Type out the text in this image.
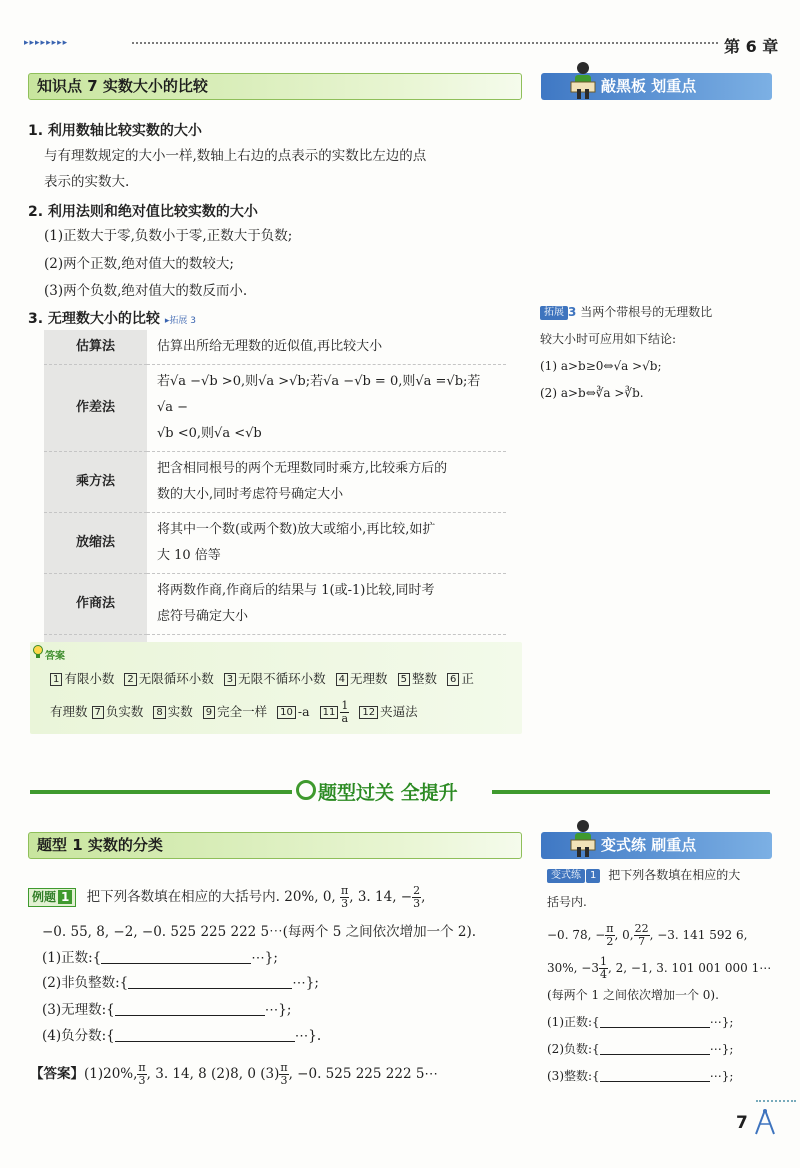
▸▸▸▸▸▸▸▸	第 6 章
知识点 7 实数大小的比较	敲黑板 划重点
1. 利用数轴比较实数的大小
与有理数规定的大小一样,数轴上右边的点表示的实数比左边的点
表示的实数大.
2. 利用法则和绝对值比较实数的大小
(1)正数大于零,负数小于零,正数大于负数;
(2)两个正数,绝对值大的数较大;
(3)两个负数,绝对值大的数反而小.
3. 无理数大小的比较 ▸拓展 3
估算法	估算出所给无理数的近似值,再比较大小

作差法	若√a −√b >0,则√a >√b;若√a −√b = 0,则√a =√b;若√a −
√b <0,则√a <√b

乘方法	把含相同根号的两个无理数同时乘方,比较乘方后的
数的大小,同时考虑符号确定大小

放缩法	将其中一个数(或两个数)放大或缩小,再比较,如扩
大 10 倍等

作商法	将两数作商,作商后的结果与 1(或-1)比较,同时考
虑符号确定大小

答案
1 有限小数 2 无限循环小数 3 无限不循环小数 4 无理数 5 整数 6 正
有理数 7 负实数 8 实数 9 完全一样 10 -a $11 \frac{1}{a} 12$ 夹逼法
拓展 3 当两个带根号的无理数比
较大小时可应用如下结论:
(1) a>b≥0⇔√a >√b;
(2) a>b⇔∛a >∛b.
题型过关 全提升
题型 1 实数的分类	变式练 刷重点
例题 1 把下列各数填在相应的大括号内. 20%, 0, $\frac{\pi}{3}$ , 3. 14, − $\frac{2}{3}$ ,
−0. 55, 8, −2, −0. 525 225 222 5⋯(每两个 5 之间依次增加一个 2).
(1)正数:{	⋯};
(2)非负整数:{	⋯};
(3)无理数:{	⋯};
(4)负分数:{	⋯}.
【答案】(1)20%, $\frac{\pi}{3}$ , 3. 14, 8 (2)8, 0 $(3) \frac{\pi}{3}$ , −0. 525 225 222 5⋯
变式练 1 把下列各数填在相应的大
括号内.
−0. 7̇8̇, − $\frac{\pi}{2}$ , 0, $\frac{22}{7}$ , −3. 141 592 6,
30%, $-3 \frac{1}{4}$ , 2, −1, 3. 101 001 000 1⋯
(每两个 1 之间依次增加一个 0).
(1)正数:{	⋯};
(2)负数:{	⋯};
(3)整数:{	⋯};
7
